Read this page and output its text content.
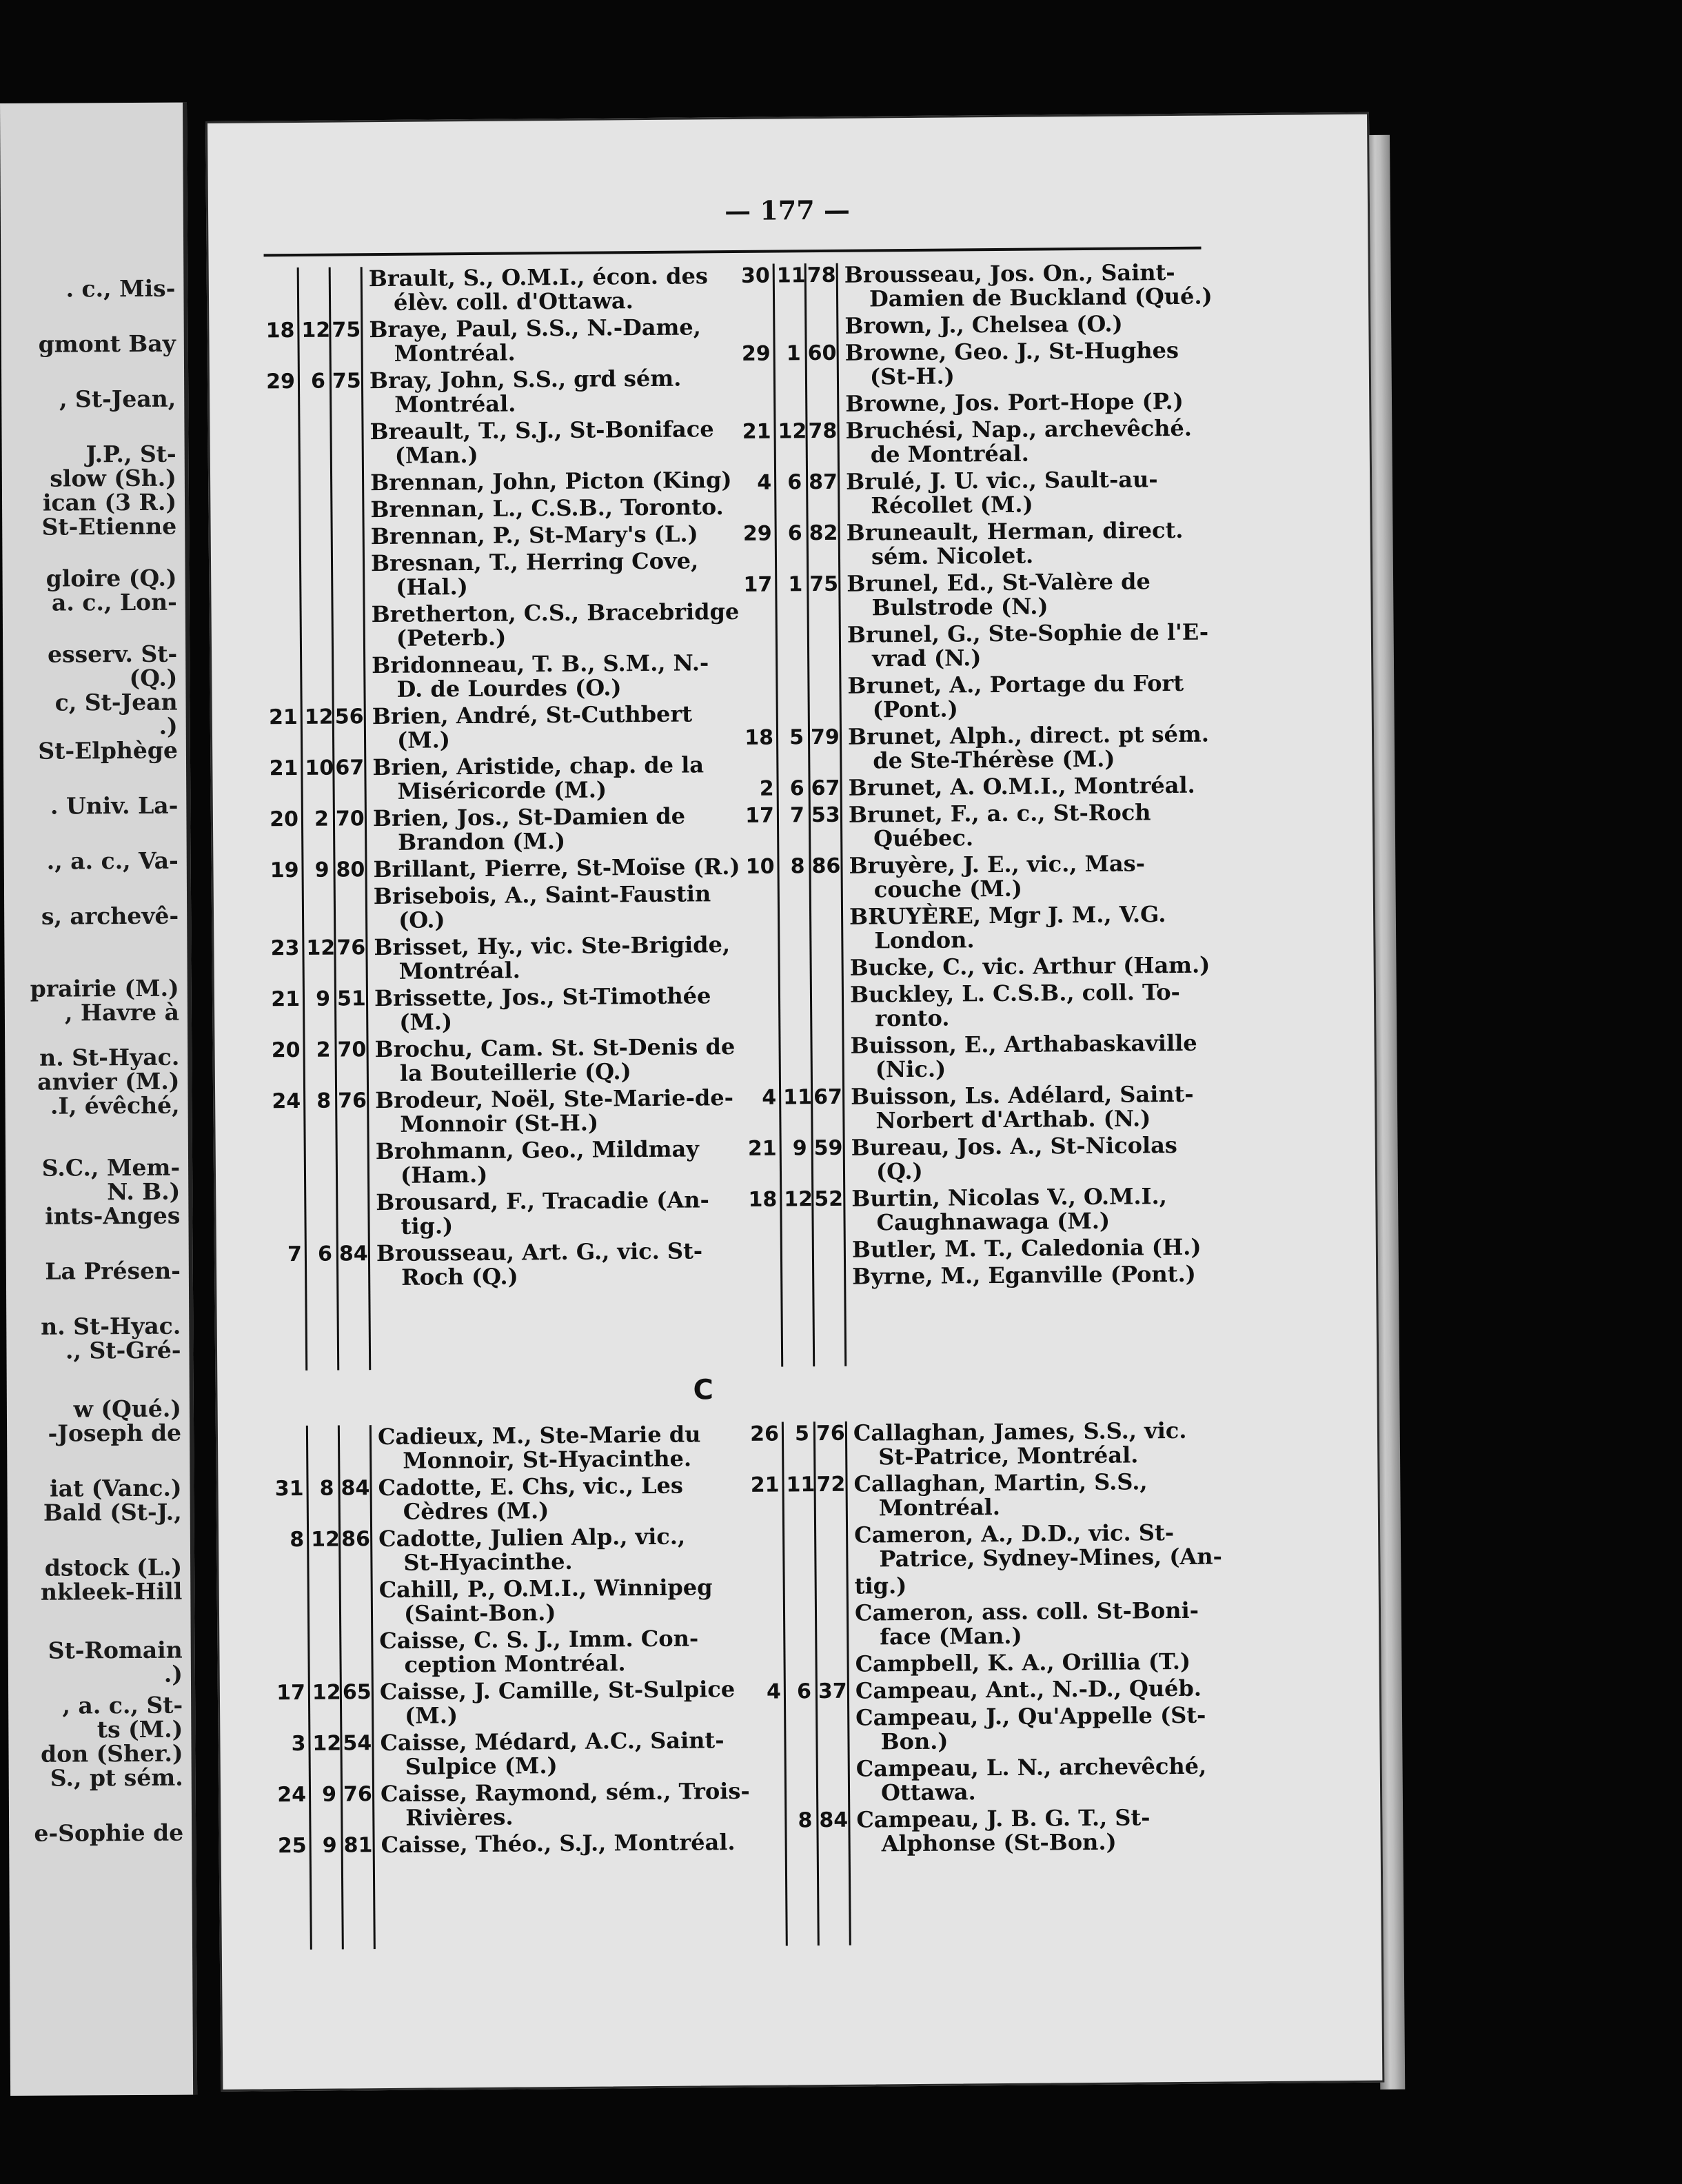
. c., Mis-
gmont Bay
, St-Jean,
J.P., St-
slow (Sh.)
ican (3 R.)
St-Etienne
gloire (Q.)
a. c., Lon-
esserv. St-
(Q.)
c, St-Jean
.)
St-Elphège
. Univ. La-
., a. c., Va-
s, archevê-
prairie (M.)
, Havre à
n. St-Hyac.
anvier (M.)
.I, évêché,
S.C., Mem-
N. B.)
ints-Anges
La Présen-
n. St-Hyac.
., St-Gré-
w (Qué.)
-Joseph de
iat (Vanc.)
Bald (St-J.,
dstock (L.)
nkleek-Hill
St-Romain
.)
, a. c., St-
ts (M.)
don (Sher.)
S., pt sém.
e-Sophie de
— 177 —
Brault, S., O.M.I., écon. des
élèv. coll. d'Ottawa.
18 12 75 Braye, Paul, S.S., N.-Dame,
Montréal.
29 6 75 Bray, John, S.S., grd sém.
Montréal.
Breault, T., S.J., St-Boniface
(Man.)
Brennan, John, Picton (King)
Brennan, L., C.S.B., Toronto.
Brennan, P., St-Mary's (L.)
Bresnan, T., Herring Cove,
(Hal.)
Bretherton, C.S., Bracebridge
(Peterb.)
Bridonneau, T. B., S.M., N.-
D. de Lourdes (O.)
21 12 56 Brien, André, St-Cuthbert
(M.)
21 10 67 Brien, Aristide, chap. de la
Miséricorde (M.)
20 2 70 Brien, Jos., St-Damien de
Brandon (M.)
19 9 80 Brillant, Pierre, St-Moïse (R.)
Brisebois, A., Saint-Faustin
(O.)
23 12 76 Brisset, Hy., vic. Ste-Brigide,
Montréal.
21 9 51 Brissette, Jos., St-Timothée
(M.)
20 2 70 Brochu, Cam. St. St-Denis de
la Bouteillerie (Q.)
24 8 76 Brodeur, Noël, Ste-Marie-de-
Monnoir (St-H.)
Brohmann, Geo., Mildmay
(Ham.)
Brousard, F., Tracadie (An-
tig.)
7 6 84 Brousseau, Art. G., vic. St-
Roch (Q.)
30 11 78 Brousseau, Jos. On., Saint-
Damien de Buckland (Qué.)
Brown, J., Chelsea (O.)
29 1 60 Browne, Geo. J., St-Hughes
(St-H.)
Browne, Jos. Port-Hope (P.)
21 12 78 Bruchési, Nap., archevêché.
de Montréal.
4 6 87 Brulé, J. U. vic., Sault-au-
Récollet (M.)
29 6 82 Bruneault, Herman, direct.
sém. Nicolet.
17 1 75 Brunel, Ed., St-Valère de
Bulstrode (N.)
Brunel, G., Ste-Sophie de l'E-
vrad (N.)
Brunet, A., Portage du Fort
(Pont.)
18 5 79 Brunet, Alph., direct. pt sém.
de Ste-Thérèse (M.)
2 6 67 Brunet, A. O.M.I., Montréal.
17 7 53 Brunet, F., a. c., St-Roch
Québec.
10 8 86 Bruyère, J. E., vic., Mas-
couche (M.)
BRUYÈRE, Mgr J. M., V.G.
London.
Bucke, C., vic. Arthur (Ham.)
Buckley, L. C.S.B., coll. To-
ronto.
Buisson, E., Arthabaskaville
(Nic.)
4 11 67 Buisson, Ls. Adélard, Saint-
Norbert d'Arthab. (N.)
21 9 59 Bureau, Jos. A., St-Nicolas
(Q.)
18 12 52 Burtin, Nicolas V., O.M.I.,
Caughnawaga (M.)
Butler, M. T., Caledonia (H.)
Byrne, M., Eganville (Pont.)
C
Cadieux, M., Ste-Marie du
Monnoir, St-Hyacinthe.
31 8 84 Cadotte, E. Chs, vic., Les
Cèdres (M.)
8 12 86 Cadotte, Julien Alp., vic.,
St-Hyacinthe.
Cahill, P., O.M.I., Winnipeg
(Saint-Bon.)
Caisse, C. S. J., Imm. Con-
ception Montréal.
17 12 65 Caisse, J. Camille, St-Sulpice
(M.)
3 12 54 Caisse, Médard, A.C., Saint-
Sulpice (M.)
24 9 76 Caisse, Raymond, sém., Trois-
Rivières.
25 9 81 Caisse, Théo., S.J., Montréal.
26 5 76 Callaghan, James, S.S., vic.
St-Patrice, Montréal.
21 11 72 Callaghan, Martin, S.S.,
Montréal.
Cameron, A., D.D., vic. St-
Patrice, Sydney-Mines, (An-
tig.)
Cameron, ass. coll. St-Boni-
face (Man.)
Campbell, K. A., Orillia (T.)
4 6 37 Campeau, Ant., N.-D., Québ.
Campeau, J., Qu'Appelle (St-
Bon.)
Campeau, L. N., archevêché,
Ottawa.
8 84 Campeau, J. B. G. T., St-
Alphonse (St-Bon.)
